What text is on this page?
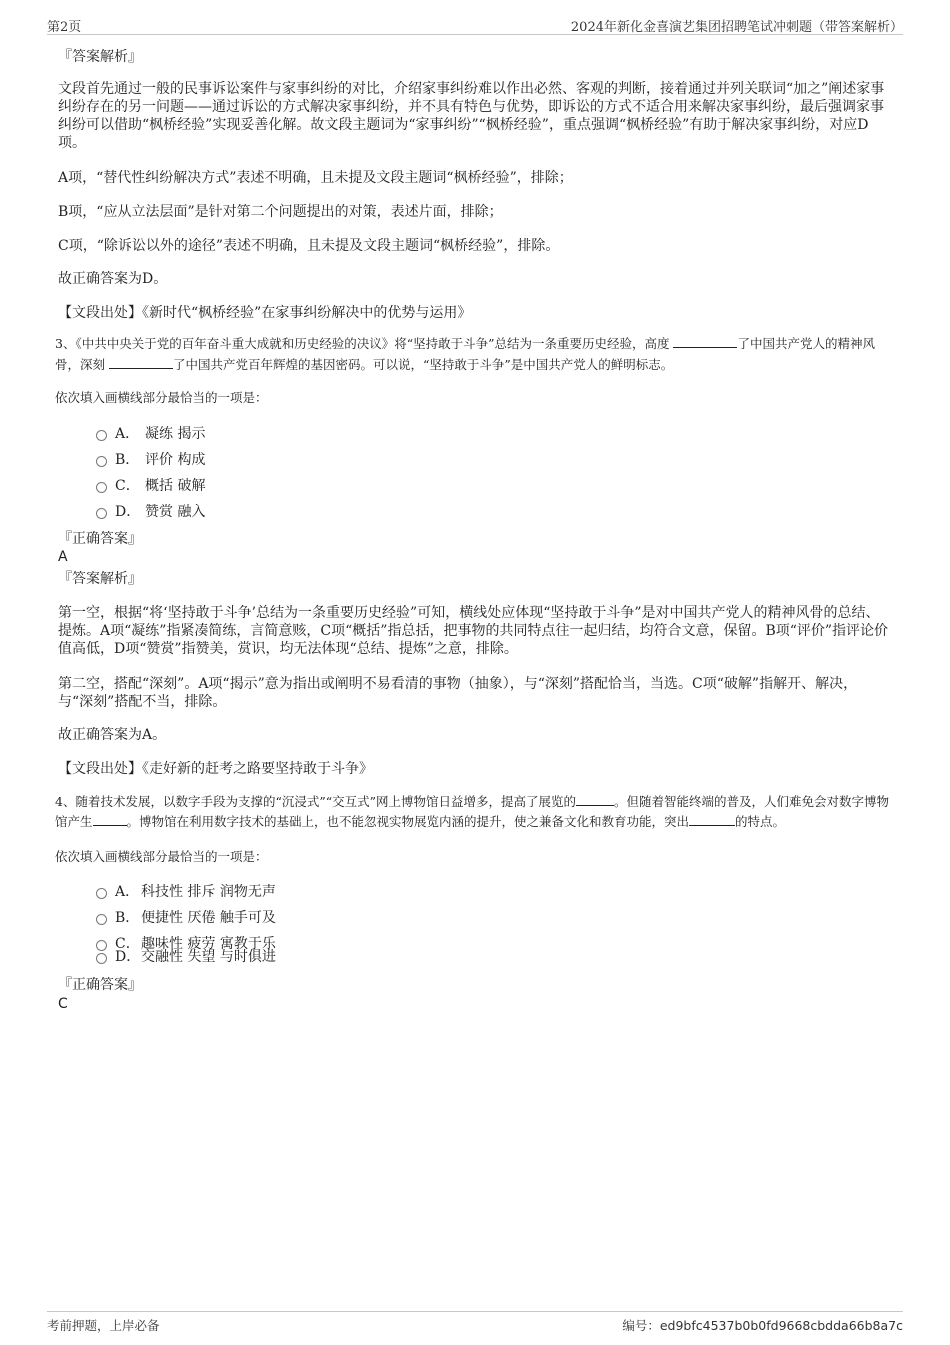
第2页	2024年新化金喜演艺集团招聘笔试冲刺题（带答案解析）
『答案解析』

文段首先通过一般的民事诉讼案件与家事纠纷的对比，介绍家事纠纷难以作出必然、客观的判断，接着通过并列关联词“加之”阐述家事纠纷存在的另一问题——通过诉讼的方式解决家事纠纷，并不具有特色与优势，即诉讼的方式不适合用来解决家事纠纷，最后强调家事纠纷可以借助“枫桥经验”实现妥善化解。故文段主题词为“家事纠纷”“枫桥经验”，重点强调“枫桥经验”有助于解决家事纠纷，对应D项。

A项，“替代性纠纷解决方式”表述不明确，且未提及文段主题词“枫桥经验”，排除；
B项，“应从立法层面”是针对第二个问题提出的对策，表述片面，排除；
C项，“除诉讼以外的途径”表述不明确，且未提及文段主题词“枫桥经验”，排除。
故正确答案为D。
【文段出处】《新时代“枫桥经验”在家事纠纷解决中的优势与运用》

3、《中共中央关于党的百年奋斗重大成就和历史经验的决议》将“坚持敢于斗争”总结为一条重要历史经验，高度	了中国共产党人的精神风骨，深刻	了中国共产党百年辉煌的基因密码。可以说，“坚持敢于斗争”是中国共产党人的鲜明标志。

依次填入画横线部分最恰当的一项是：
A． 凝练 揭示
B． 评价 构成
C． 概括 破解
D． 赞赏 融入
『正确答案』
A
『答案解析』

第一空，根据“将‘坚持敢于斗争’总结为一条重要历史经验”可知，横线处应体现“坚持敢于斗争”是对中国共产党人的精神风骨的总结、提炼。A项“凝练”指紧凑简练，言简意赅，C项“概括”指总括，把事物的共同特点往一起归结，均符合文意，保留。B项“评价”指评论价值高低，D项“赞赏”指赞美，赏识，均无法体现“总结、提炼”之意，排除。

第二空，搭配“深刻”。A项“揭示”意为指出或阐明不易看清的事物（抽象），与“深刻”搭配恰当，当选。C项“破解”指解开、解决，与“深刻”搭配不当，排除。

故正确答案为A。
【文段出处】《走好新的赶考之路要坚持敢于斗争》

4、随着技术发展，以数字手段为支撑的“沉浸式”“交互式”网上博物馆日益增多，提高了展览的	。但随着智能终端的普及，人们难免会对数字博物馆产生	。博物馆在利用数字技术的基础上，也不能忽视实物展览内涵的提升，使之兼备文化和教育功能，突出	的特点。

依次填入画横线部分最恰当的一项是：
A． 科技性 排斥 润物无声
B． 便捷性 厌倦 触手可及
C． 趣味性 疲劳 寓教于乐
D． 交融性 失望 与时俱进
『正确答案』
C
考前押题，上岸必备	编号：ed9bfc4537b0b0fd9668cbdda66b8a7c
